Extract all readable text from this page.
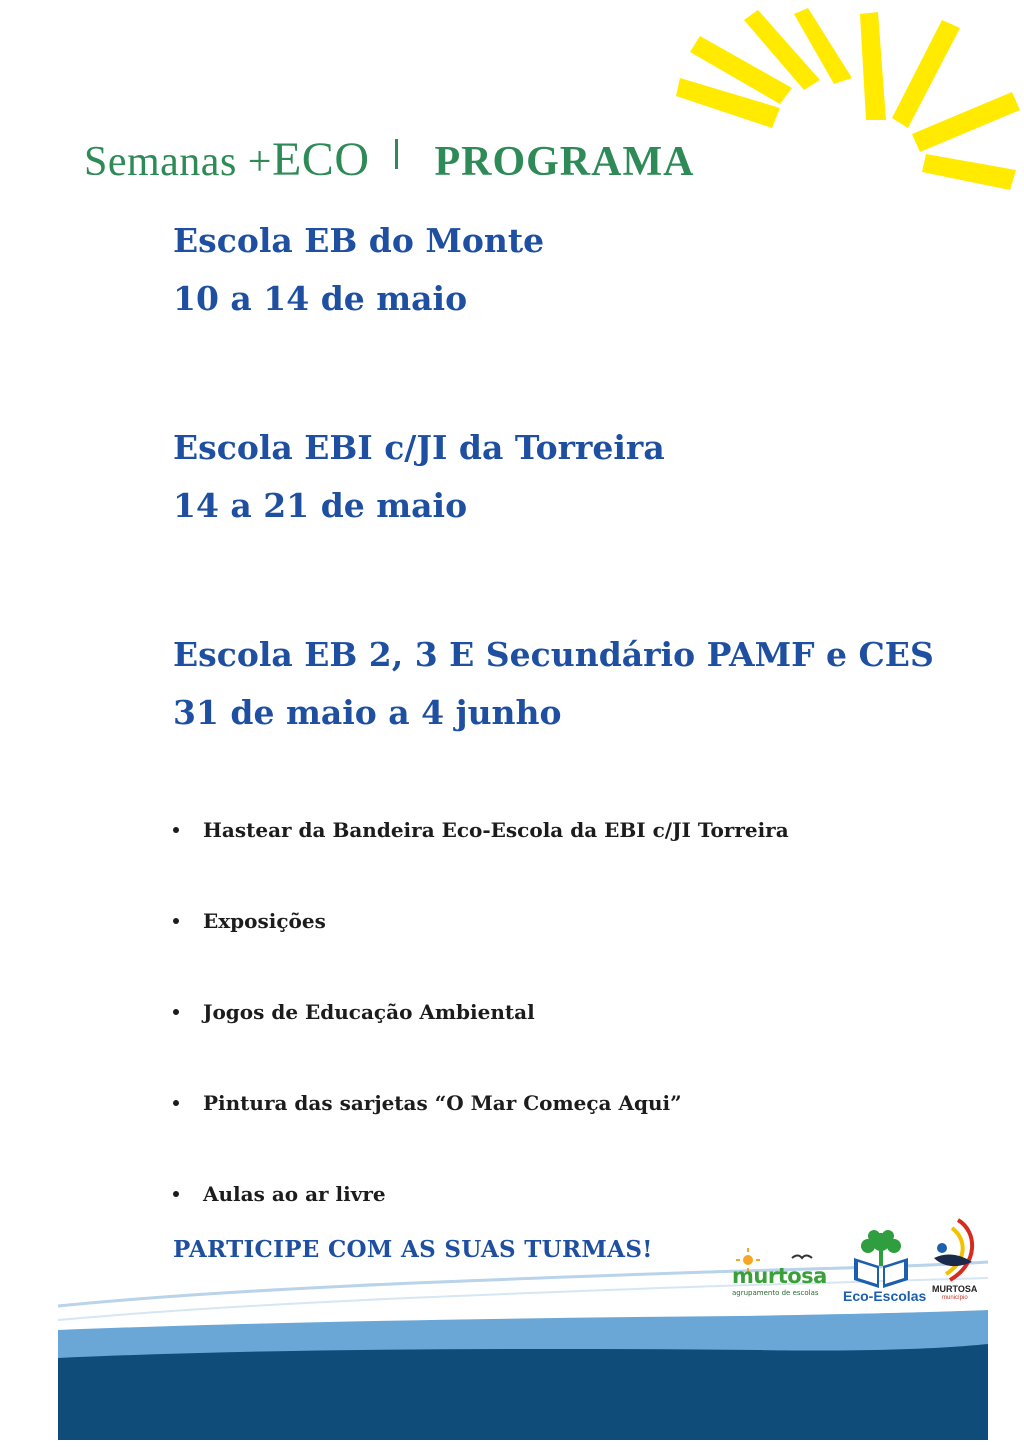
Semanas +ECO PROGRAMA
Escola EB do Monte
10 a 14 de maio
Escola EBI c/JI da Torreira
14 a 21 de maio
Escola EB 2, 3 E Secundário PAMF e CES
31 de maio a 4 junho
Hastear da Bandeira Eco-Escola da EBI c/JI Torreira
Exposições
Jogos de Educação Ambiental
Pintura das sarjetas “O Mar Começa Aqui”
Aulas ao ar livre
PARTICIPE COM AS SUAS TURMAS!
murtosa
agrupamento de escolas Eco-Escolas MURTOSA
município
